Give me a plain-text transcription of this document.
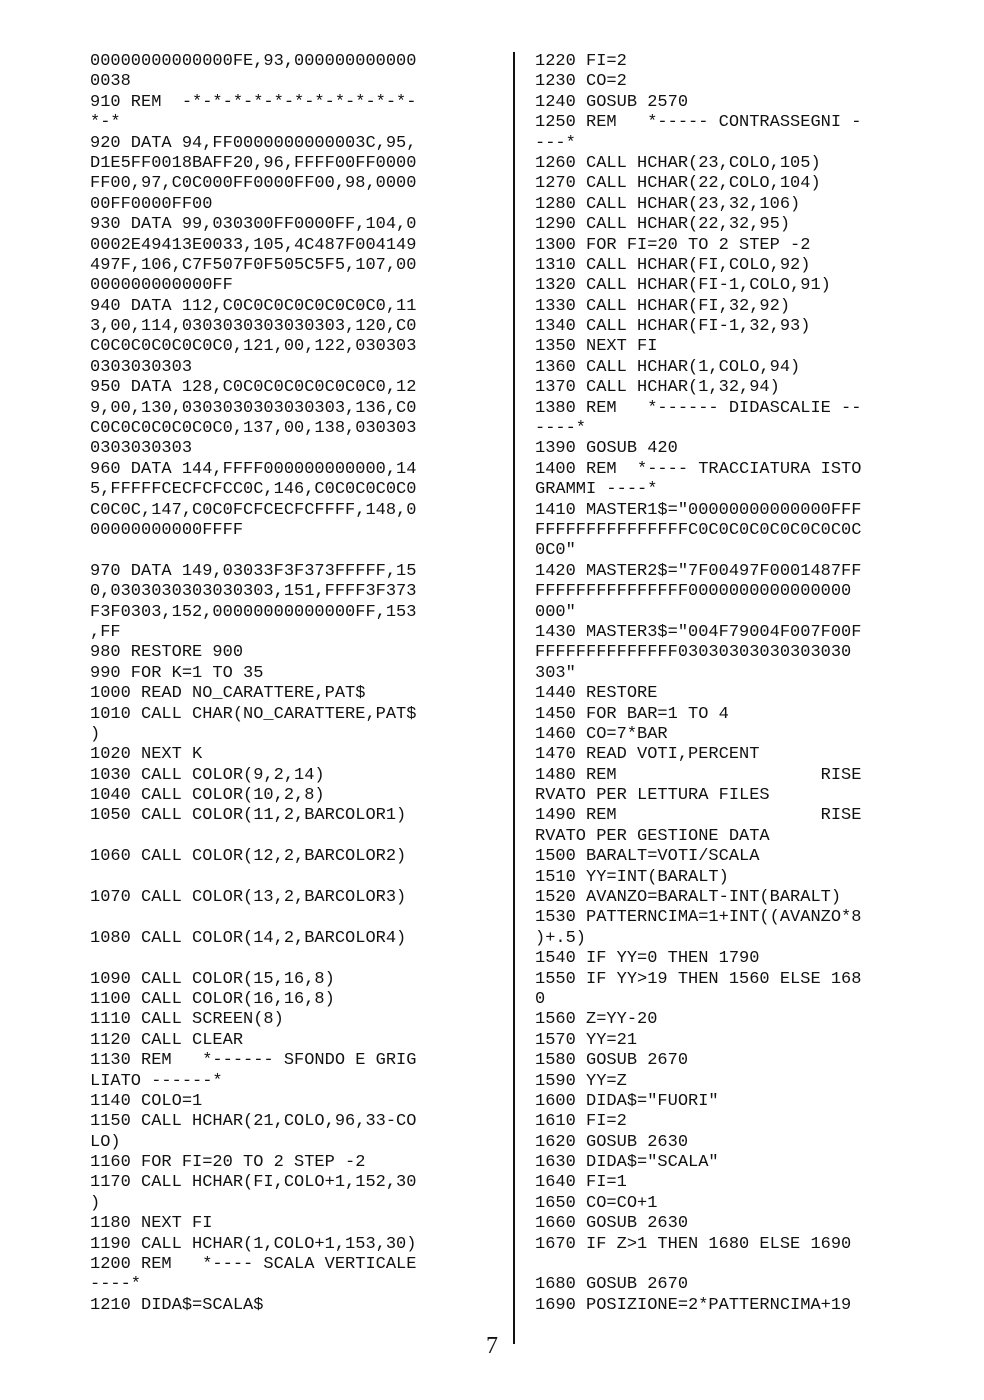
00000000000000FE,93,000000000000
0038
910 REM  -*-*-*-*-*-*-*-*-*-*-*-
*-*
920 DATA 94,FF0000000000003C,95,
D1E5FF0018BAFF20,96,FFFF00FF0000
FF00,97,C0C000FF0000FF00,98,0000
00FF0000FF00
930 DATA 99,030300FF0000FF,104,0
0002E49413E0033,105,4C487F004149
497F,106,C7F507F0F505C5F5,107,00
000000000000FF
940 DATA 112,C0C0C0C0C0C0C0C0,11
3,00,114,0303030303030303,120,C0
C0C0C0C0C0C0C0,121,00,122,030303
0303030303
950 DATA 128,C0C0C0C0C0C0C0C0,12
9,00,130,0303030303030303,136,C0
C0C0C0C0C0C0C0,137,00,138,030303
0303030303
960 DATA 144,FFFF000000000000,14
5,FFFFFCECFCFCC0C,146,C0C0C0C0C0
C0C0C,147,C0C0FCFCECFCFFFF,148,0
00000000000FFFF
970 DATA 149,03033F3F373FFFFF,15
0,0303030303030303,151,FFFF3F373
F3F0303,152,00000000000000FF,153
,FF
980 RESTORE 900
990 FOR K=1 TO 35
1000 READ NO_CARATTERE,PAT$
1010 CALL CHAR(NO_CARATTERE,PAT$
)
1020 NEXT K
1030 CALL COLOR(9,2,14)
1040 CALL COLOR(10,2,8)
1050 CALL COLOR(11,2,BARCOLOR1)
1060 CALL COLOR(12,2,BARCOLOR2)
1070 CALL COLOR(13,2,BARCOLOR3)
1080 CALL COLOR(14,2,BARCOLOR4)
1090 CALL COLOR(15,16,8)
1100 CALL COLOR(16,16,8)
1110 CALL SCREEN(8)
1120 CALL CLEAR
1130 REM   *------ SFONDO E GRIG
LIATO ------*
1140 COLO=1
1150 CALL HCHAR(21,COLO,96,33-CO
LO)
1160 FOR FI=20 TO 2 STEP -2
1170 CALL HCHAR(FI,COLO+1,152,30
)
1180 NEXT FI
1190 CALL HCHAR(1,COLO+1,153,30)
1200 REM   *---- SCALA VERTICALE
----*
1210 DIDA$=SCALA$
1220 FI=2
1230 CO=2
1240 GOSUB 2570
1250 REM   *----- CONTRASSEGNI -
---*
1260 CALL HCHAR(23,COLO,105)
1270 CALL HCHAR(22,COLO,104)
1280 CALL HCHAR(23,32,106)
1290 CALL HCHAR(22,32,95)
1300 FOR FI=20 TO 2 STEP -2
1310 CALL HCHAR(FI,COLO,92)
1320 CALL HCHAR(FI-1,COLO,91)
1330 CALL HCHAR(FI,32,92)
1340 CALL HCHAR(FI-1,32,93)
1350 NEXT FI
1360 CALL HCHAR(1,COLO,94)
1370 CALL HCHAR(1,32,94)
1380 REM   *------ DIDASCALIE --
----*
1390 GOSUB 420
1400 REM  *---- TRACCIATURA ISTO
GRAMMI ----*
1410 MASTER1$="00000000000000FFF
FFFFFFFFFFFFFFFC0C0C0C0C0C0C0C0C
0C0"
1420 MASTER2$="7F00497F0001487FF
FFFFFFFFFFFFFFF0000000000000000
000"
1430 MASTER3$="004F79004F007F00F
FFFFFFFFFFFFFF03030303030303030
303"
1440 RESTORE
1450 FOR BAR=1 TO 4
1460 CO=7*BAR
1470 READ VOTI,PERCENT
1480 REM                    RISE
RVATO PER LETTURA FILES
1490 REM                    RISE
RVATO PER GESTIONE DATA
1500 BARALT=VOTI/SCALA
1510 YY=INT(BARALT)
1520 AVANZO=BARALT-INT(BARALT)
1530 PATTERNCIMA=1+INT((AVANZO*8
)+.5)
1540 IF YY=0 THEN 1790
1550 IF YY>19 THEN 1560 ELSE 168
0
1560 Z=YY-20
1570 YY=21
1580 GOSUB 2670
1590 YY=Z
1600 DIDA$="FUORI"
1610 FI=2
1620 GOSUB 2630
1630 DIDA$="SCALA"
1640 FI=1
1650 CO=CO+1
1660 GOSUB 2630
1670 IF Z>1 THEN 1680 ELSE 1690
1680 GOSUB 2670
1690 POSIZIONE=2*PATTERNCIMA+19
7
